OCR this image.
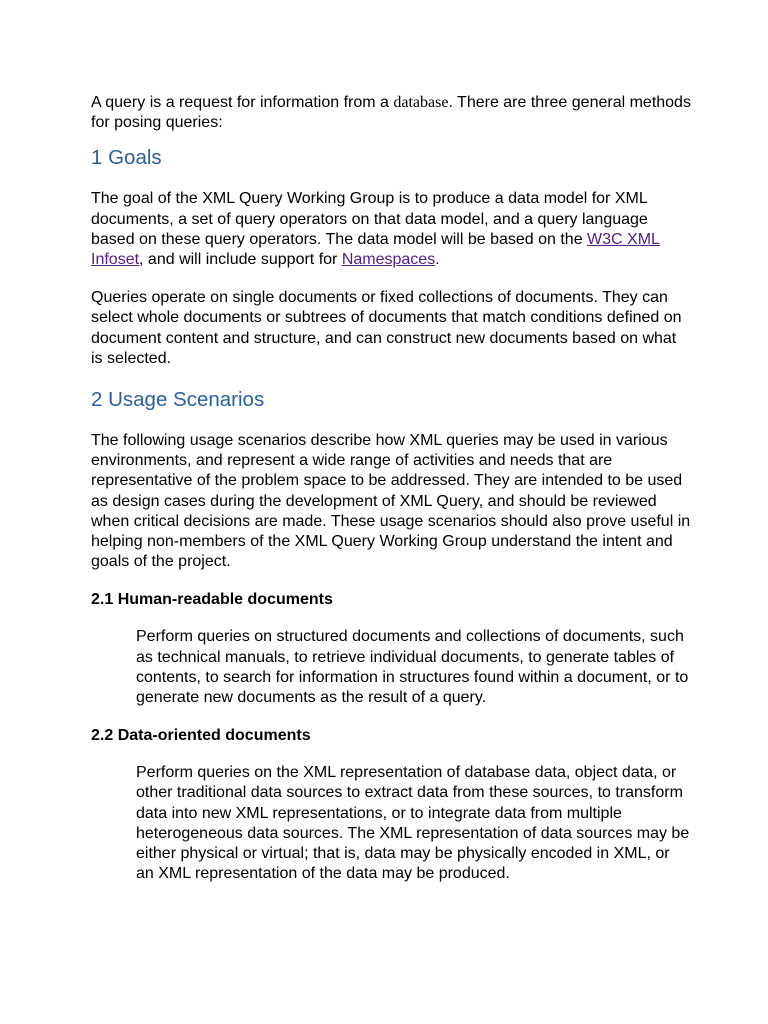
A query is a request for information from a database. There are three general methods for posing queries:

1 Goals

The goal of the XML Query Working Group is to produce a data model for XML documents, a set of query operators on that data model, and a query language based on these query operators. The data model will be based on the W3C XML Infoset, and will include support for Namespaces.

Queries operate on single documents or fixed collections of documents. They can select whole documents or subtrees of documents that match conditions defined on document content and structure, and can construct new documents based on what is selected.

2 Usage Scenarios

The following usage scenarios describe how XML queries may be used in various environments, and represent a wide range of activities and needs that are representative of the problem space to be addressed. They are intended to be used as design cases during the development of XML Query, and should be reviewed when critical decisions are made. These usage scenarios should also prove useful in helping non-members of the XML Query Working Group understand the intent and goals of the project.

2.1 Human-readable documents

Perform queries on structured documents and collections of documents, such as technical manuals, to retrieve individual documents, to generate tables of contents, to search for information in structures found within a document, or to generate new documents as the result of a query.

2.2 Data-oriented documents

Perform queries on the XML representation of database data, object data, or other traditional data sources to extract data from these sources, to transform data into new XML representations, or to integrate data from multiple heterogeneous data sources. The XML representation of data sources may be either physical or virtual; that is, data may be physically encoded in XML, or an XML representation of the data may be produced.
